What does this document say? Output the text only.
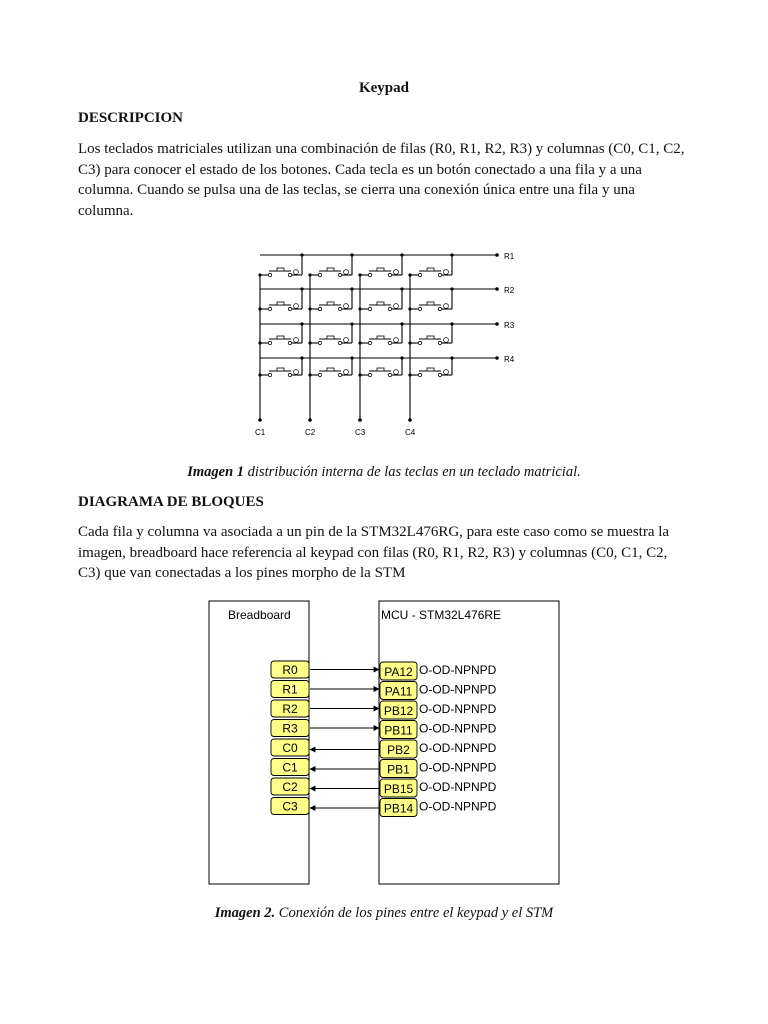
Keypad
DESCRIPCION
Los teclados matriciales utilizan una combinación de filas (R0, R1, R2, R3) y columnas (C0, C1, C2, C3) para conocer el estado de los botones. Cada tecla es un botón conectado a una fila y a una columna. Cuando se pulsa una de las teclas, se cierra una conexión única entre una fila y una columna.
R1
R2
R3
R4
C1	C2	C3	C4
Imagen 1 distribución interna de las teclas en un teclado matricial.
DIAGRAMA DE BLOQUES
Cada fila y columna va asociada a un pin de la STM32L476RG, para este caso como se muestra la imagen, breadboard hace referencia al keypad con filas (R0, R1, R2, R3) y columnas (C0, C1, C2, C3) que van conectadas a los pines morpho de la STM
Breadboard	MCU - STM32L476RE
R0	PA12 O-OD-NPNPD
R1	PA11 O-OD-NPNPD
R2	PB12 O-OD-NPNPD
R3	PB11 O-OD-NPNPD
C0	PB2 O-OD-NPNPD
C1	PB1 O-OD-NPNPD
C2	PB15 O-OD-NPNPD
C3	PB14 O-OD-NPNPD
Imagen 2. Conexión de los pines entre el keypad y el STM
